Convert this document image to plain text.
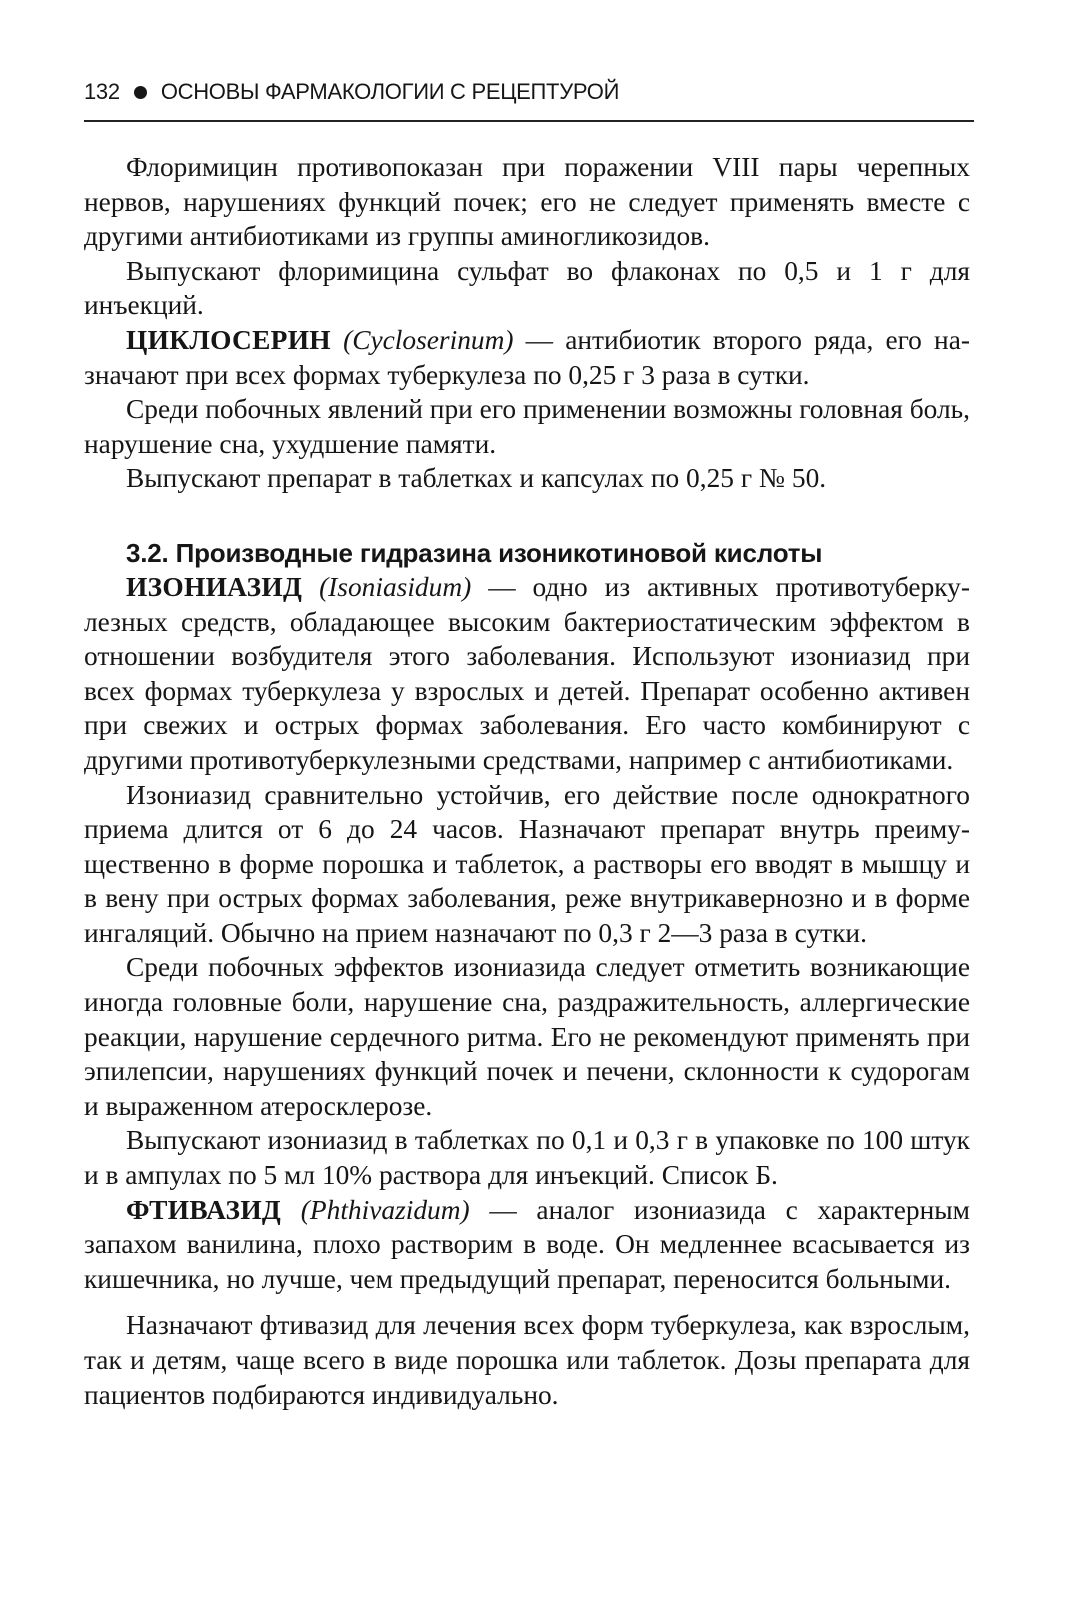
132 ОСНОВЫ ФАРМАКОЛОГИИ С РЕЦЕПТУРОЙ

Флоримицин противопоказан при поражении VIII пары черепных нервов, нарушениях функций почек; его не следует применять вместе с другими антибиотиками из группы аминогликозидов.

Выпускают флоримицина сульфат во флаконах по 0,5 и 1 г для инъекций.

ЦИКЛОСЕРИН (Cycloserinum) — антибиотик второго ряда, его назначают при всех формах туберкулеза по 0,25 г 3 раза в сутки.

Среди побочных явлений при его применении возможны головная боль, нарушение сна, ухудшение памяти.

Выпускают препарат в таблетках и капсулах по 0,25 г № 50.

3.2. Производные гидразина изоникотиновой кислоты

ИЗОНИАЗИД (Isoniasidum) — одно из активных противотуберкулезных средств, обладающее высоким бактериостатическим эффектом в отношении возбудителя этого заболевания. Используют изониазид при всех формах туберкулеза у взрослых и детей. Препарат особенно активен при свежих и острых формах заболевания. Его часто комбинируют с другими противотуберкулезными средствами, например с антибиотиками.

Изониазид сравнительно устойчив, его действие после однократного приема длится от 6 до 24 часов. Назначают препарат внутрь преимущественно в форме порошка и таблеток, а растворы его вводят в мышцу и в вену при острых формах заболевания, реже внутрикавернозно и в форме ингаляций. Обычно на прием назначают по 0,3 г 2—3 раза в сутки.

Среди побочных эффектов изониазида следует отметить возникающие иногда головные боли, нарушение сна, раздражительность, аллергические реакции, нарушение сердечного ритма. Его не рекомендуют применять при эпилепсии, нарушениях функций почек и печени, склонности к судорогам и выраженном атеросклерозе.

Выпускают изониазид в таблетках по 0,1 и 0,3 г в упаковке по 100 штук и в ампулах по 5 мл 10% раствора для инъекций. Список Б.

ФТИВАЗИД (Phthivazidum) — аналог изониазида с характерным запахом ванилина, плохо растворим в воде. Он медленнее всасывается из кишечника, но лучше, чем предыдущий препарат, переносится больными.

Назначают фтивазид для лечения всех форм туберкулеза, как взрослым, так и детям, чаще всего в виде порошка или таблеток. Дозы препарата для пациентов подбираются индивидуально.
